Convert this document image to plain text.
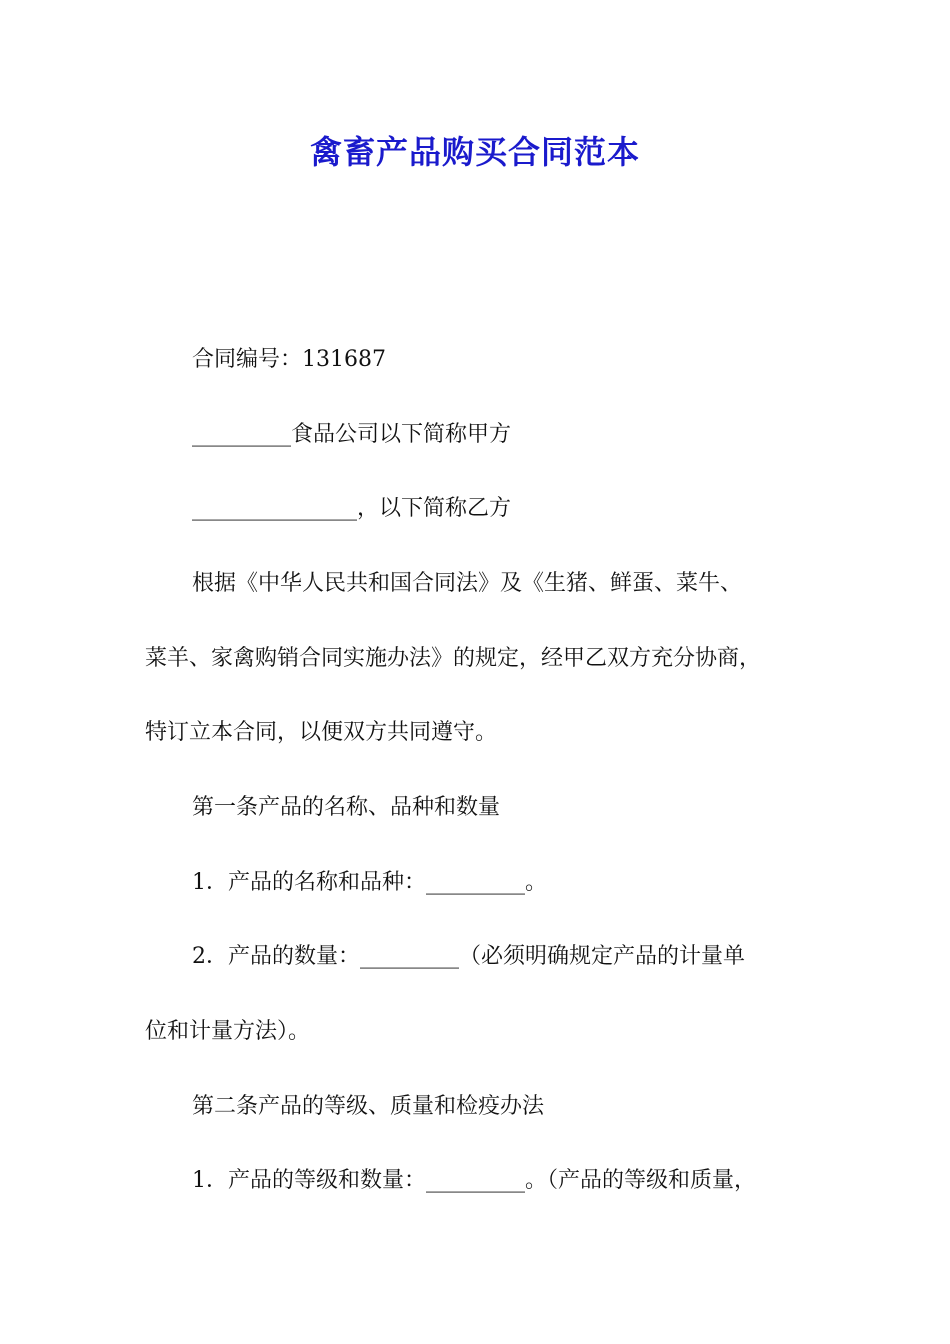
禽畜产品购买合同范本
合同编号：131687
_________食品公司以下简称甲方
_______________，以下简称乙方
根据《中华人民共和国合同法》及《生猪、鲜蛋、菜牛、
菜羊、家禽购销合同实施办法》的规定，经甲乙双方充分协商，
特订立本合同，以便双方共同遵守。
第一条产品的名称、品种和数量
1．产品的名称和品种：_________。
2．产品的数量：_________（必须明确规定产品的计量单
位和计量方法）。
第二条产品的等级、质量和检疫办法
1．产品的等级和数量：_________。（产品的等级和质量，
